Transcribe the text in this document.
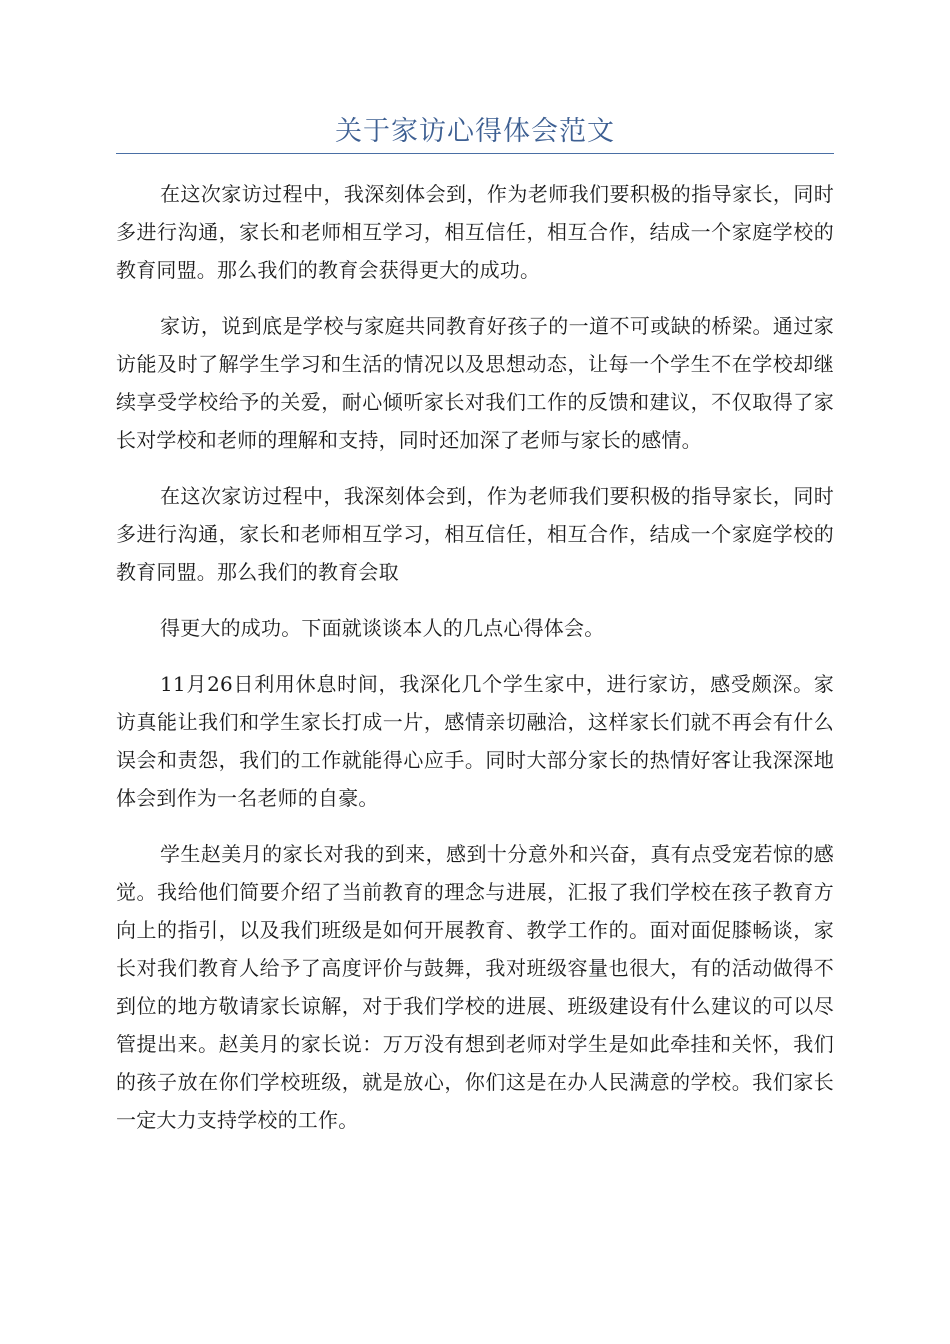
关于家访心得体会范文

在这次家访过程中，我深刻体会到，作为老师我们要积极的指导家长，同时多进行沟通，家长和老师相互学习，相互信任，相互合作，结成一个家庭学校的教育同盟。那么我们的教育会获得更大的成功。

家访，说到底是学校与家庭共同教育好孩子的一道不可或缺的桥梁。通过家访能及时了解学生学习和生活的情况以及思想动态，让每一个学生不在学校却继续享受学校给予的关爱，耐心倾听家长对我们工作的反馈和建议，不仅取得了家长对学校和老师的理解和支持，同时还加深了老师与家长的感情。

在这次家访过程中，我深刻体会到，作为老师我们要积极的指导家长，同时多进行沟通，家长和老师相互学习，相互信任，相互合作，结成一个家庭学校的教育同盟。那么我们的教育会取

得更大的成功。下面就谈谈本人的几点心得体会。

11月26日利用休息时间，我深化几个学生家中，进行家访，感受颇深。家访真能让我们和学生家长打成一片，感情亲切融洽，这样家长们就不再会有什么误会和责怨，我们的工作就能得心应手。同时大部分家长的热情好客让我深深地体会到作为一名老师的自豪。

学生赵美月的家长对我的到来，感到十分意外和兴奋，真有点受宠若惊的感觉。我给他们简要介绍了当前教育的理念与进展，汇报了我们学校在孩子教育方向上的指引，以及我们班级是如何开展教育、教学工作的。面对面促膝畅谈，家长对我们教育人给予了高度评价与鼓舞，我对班级容量也很大，有的活动做得不到位的地方敬请家长谅解，对于我们学校的进展、班级建设有什么建议的可以尽管提出来。赵美月的家长说：万万没有想到老师对学生是如此牵挂和关怀，我们的孩子放在你们学校班级，就是放心，你们这是在办人民满意的学校。我们家长一定大力支持学校的工作。
